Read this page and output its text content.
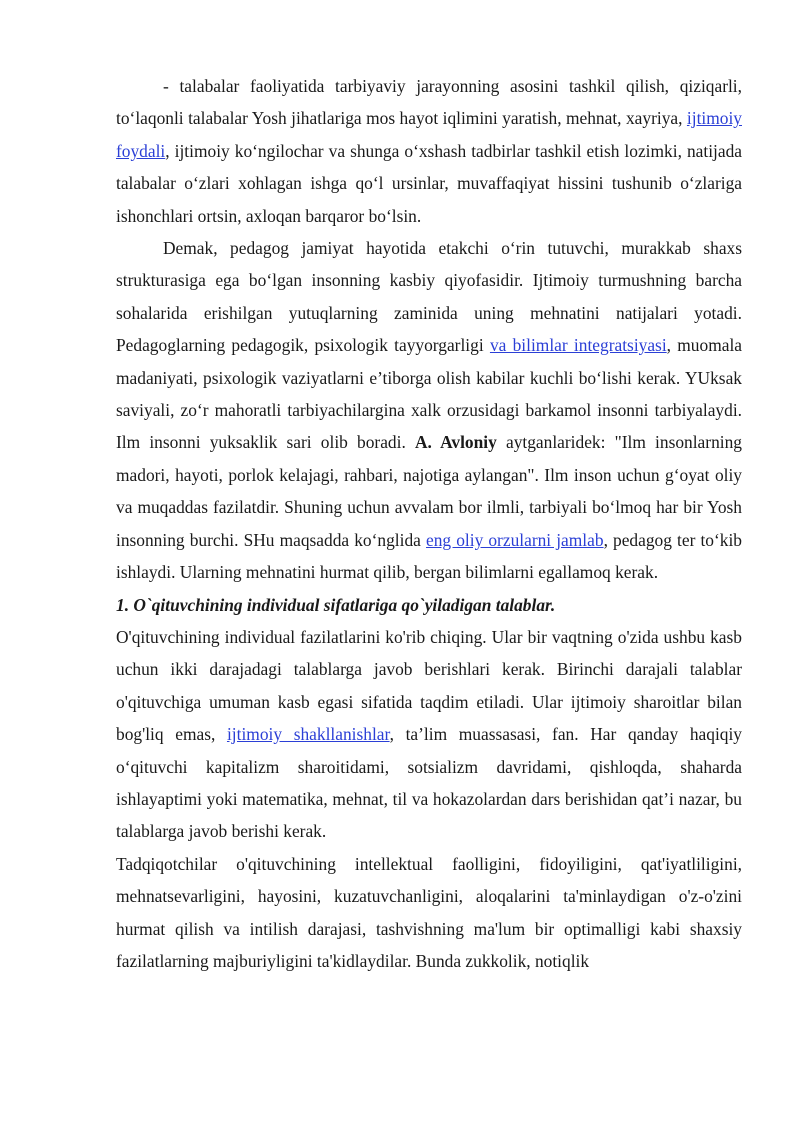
- talabalar faoliyatida tarbiyaviy jarayonning asosini tashkil qilish, qiziqarli, to‘laqonli talabalar Yosh jihatlariga mos hayot iqlimini yaratish, mehnat, xayriya, ijtimoiy foydali, ijtimoiy ko‘ngilochar va shunga o‘xshash tadbirlar tashkil etish lozimki, natijada talabalar o‘zlari xohlagan ishga qo‘l ursinlar, muvaffaqiyat hissini tushunib o‘zlariga ishonchlari ortsin, axloqan barqaror bo‘lsin.

Demak, pedagog jamiyat hayotida etakchi o‘rin tutuvchi, murakkab shaxs strukturasiga ega bo‘lgan insonning kasbiy qiyofasidir. Ijtimoiy turmushning barcha sohalarida erishilgan yutuqlarning zaminida uning mehnatini natijalari yotadi. Pedagoglarning pedagogik, psixologik tayyorgarligi va bilimlar integratsiyasi, muomala madaniyati, psixologik vaziyatlarni e’tiborga olish kabilar kuchli bo‘lishi kerak. YUksak saviyali, zo‘r mahoratli tarbiyachilargina xalk orzusidagi barkamol insonni tarbiyalaydi. Ilm insonni yuksaklik sari olib boradi. A. Avloniy aytganlaridek: "Ilm insonlarning madori, hayoti, porlok kelajagi, rahbari, najotiga aylangan". Ilm inson uchun g‘oyat oliy va muqaddas fazilatdir. Shuning uchun avvalam bor ilmli, tarbiyali bo‘lmoq har bir Yosh insonning burchi. SHu maqsadda ko‘nglida eng oliy orzularni jamlab, pedagog ter to‘kib ishlaydi. Ularning mehnatini hurmat qilib, bergan bilimlarni egallamoq kerak.

1. O`qituvchining individual sifatlariga qo`yiladigan talablar.

O'qituvchining individual fazilatlarini ko'rib chiqing. Ular bir vaqtning o'zida ushbu kasb uchun ikki darajadagi talablarga javob berishlari kerak. Birinchi darajali talablar o'qituvchiga umuman kasb egasi sifatida taqdim etiladi. Ular ijtimoiy sharoitlar bilan bog'liq emas, ijtimoiy shakllanishlar, ta’lim muassasasi, fan. Har qanday haqiqiy o‘qituvchi kapitalizm sharoitidami, sotsializm davridami, qishloqda, shaharda ishlayaptimi yoki matematika, mehnat, til va hokazolardan dars berishidan qat’i nazar, bu talablarga javob berishi kerak.

Tadqiqotchilar o'qituvchining intellektual faolligini, fidoyiligini, qat'iyatliligini, mehnatsevarligini, hayosini, kuzatuvchanligini, aloqalarini ta'minlaydigan o'z-o'zini hurmat qilish va intilish darajasi, tashvishning ma'lum bir optimalligi kabi shaxsiy fazilatlarning majburiyligini ta'kidlaydilar. Bunda zukkolik, notiqlik
